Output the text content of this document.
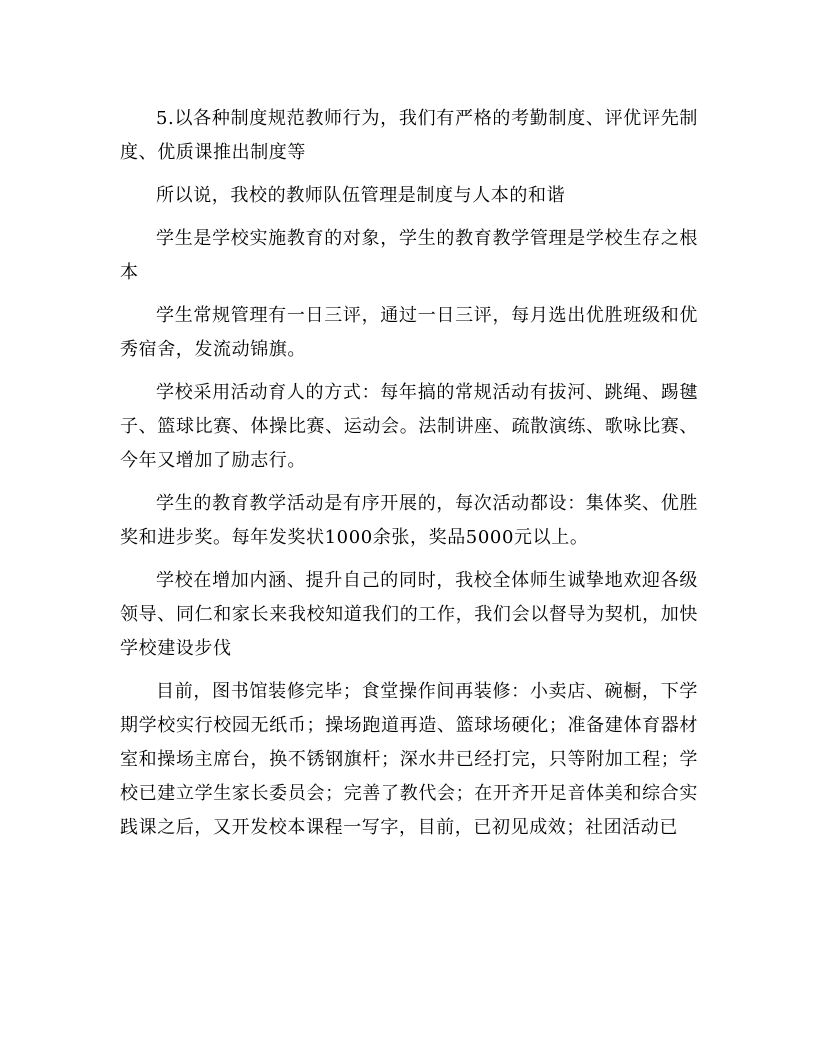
5.以各种制度规范教师行为，我们有严格的考勤制度、评优评先制度、优质课推出制度等

所以说，我校的教师队伍管理是制度与人本的和谐

学生是学校实施教育的对象，学生的教育教学管理是学校生存之根本

学生常规管理有一日三评，通过一日三评，每月选出优胜班级和优秀宿舍，发流动锦旗。

学校采用活动育人的方式：每年搞的常规活动有拔河、跳绳、踢毽子、篮球比赛、体操比赛、运动会。法制讲座、疏散演练、歌咏比赛、今年又增加了励志行。

学生的教育教学活动是有序开展的，每次活动都设：集体奖、优胜奖和进步奖。每年发奖状1000余张，奖品5000元以上。

学校在增加内涵、提升自己的同时，我校全体师生诚挚地欢迎各级领导、同仁和家长来我校知道我们的工作，我们会以督导为契机，加快学校建设步伐

目前，图书馆装修完毕；食堂操作间再装修：小卖店、碗橱，下学期学校实行校园无纸币；操场跑道再造、篮球场硬化；准备建体育器材室和操场主席台，换不锈钢旗杆；深水井已经打完，只等附加工程；学校已建立学生家长委员会；完善了教代会；在开齐开足音体美和综合实践课之后，又开发校本课程一写字，目前，已初见成效；社团活动已
